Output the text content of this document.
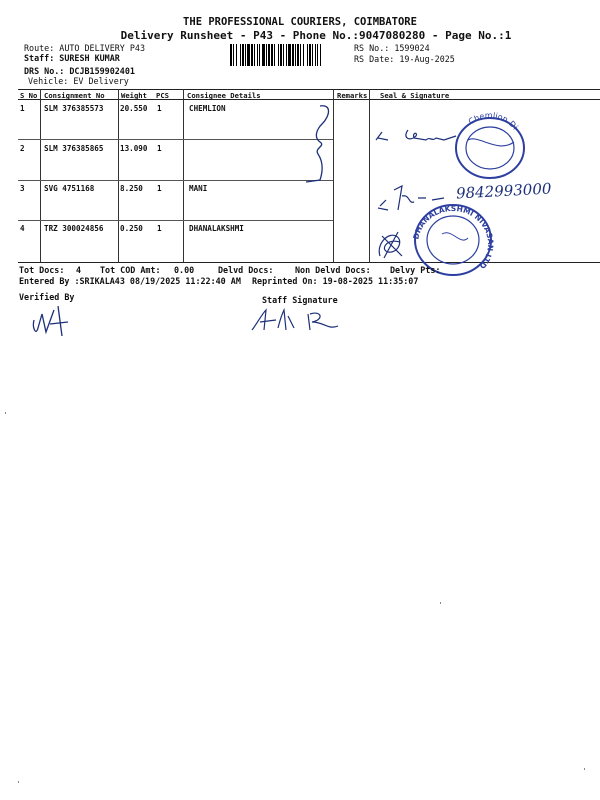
THE PROFESSIONAL COURIERS, COIMBATORE
Delivery Runsheet - P43 - Phone No.:9047080280 - Page No.:1
Route: AUTO DELIVERY P43
Staff: SURESH KUMAR
DRS No.: DCJB159902401
Vehicle: EV Delivery
RS No.: 1599024
RS Date: 19-Aug-2025
S No Consignment No Weight PCS	Consignee Details	Remarks Seal & Signature
1	SLM 376385573 20.550 1	CHEMLION
2	SLM 376385865 13.090 1
3	SVG 4751168	8.250 1	MANI
4	TRZ 300024856 0.250 1	DHANALAKSHMI
Chemlion Di
9842993000
DHANALAKSHMI NIVASAN LTD
Tot Docs: 4 Tot COD Amt: 0.00	Delvd Docs:	Non Delvd Docs: Delvy Pts:
Entered By :SRIKALA43 08/19/2025 11:22:40 AM Reprinted On: 19-08-2025 11:35:07
Verified By	Staff Signature
